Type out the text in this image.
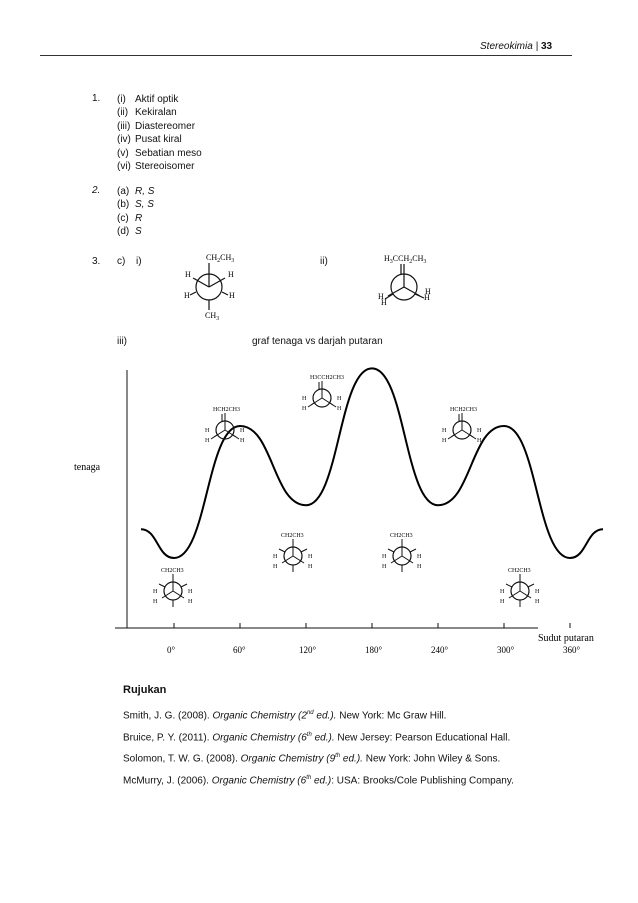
Stereokimia | 33
1. (i) Aktif optik
(ii) Kekiralan
(iii) Diastereomer
(iv) Pusat kiral
(v) Sebatian meso
(vi) Stereoisomer
2. (a) R, S
(b) S, S
(c) R
(d) S
3. c) i)	ii)
$CH_2CH_3$
H	H
H	H
$CH_3$
$H_3CCH_2CH_3$
H
H
H
H
iii)	graf tenaga vs darjah putaran
tenaga
Sudut putaran
0°	60°	120°	180°	240°	300°	360°
CH2CH3
H	H
H	H
HCH2CH3
H	H
H	H
CH2CH3
H	H
H	H
H3CCH2CH3
H	H
H	H
CH2CH3
H	H
H	H
HCH2CH3
H	H
H	H
CH2CH3
H	H
H	H
Rujukan
Smith, J. G. (2008). Organic Chemistry (2nd ed.). New York: Mc Graw Hill.
Bruice, P. Y. (2011). Organic Chemistry (6th ed.). New Jersey: Pearson Educational Hall.
Solomon, T. W. G. (2008). Organic Chemistry (9th ed.). New York: John Wiley & Sons.
McMurry, J. (2006). Organic Chemistry (6th ed.): USA: Brooks/Cole Publishing Company.
